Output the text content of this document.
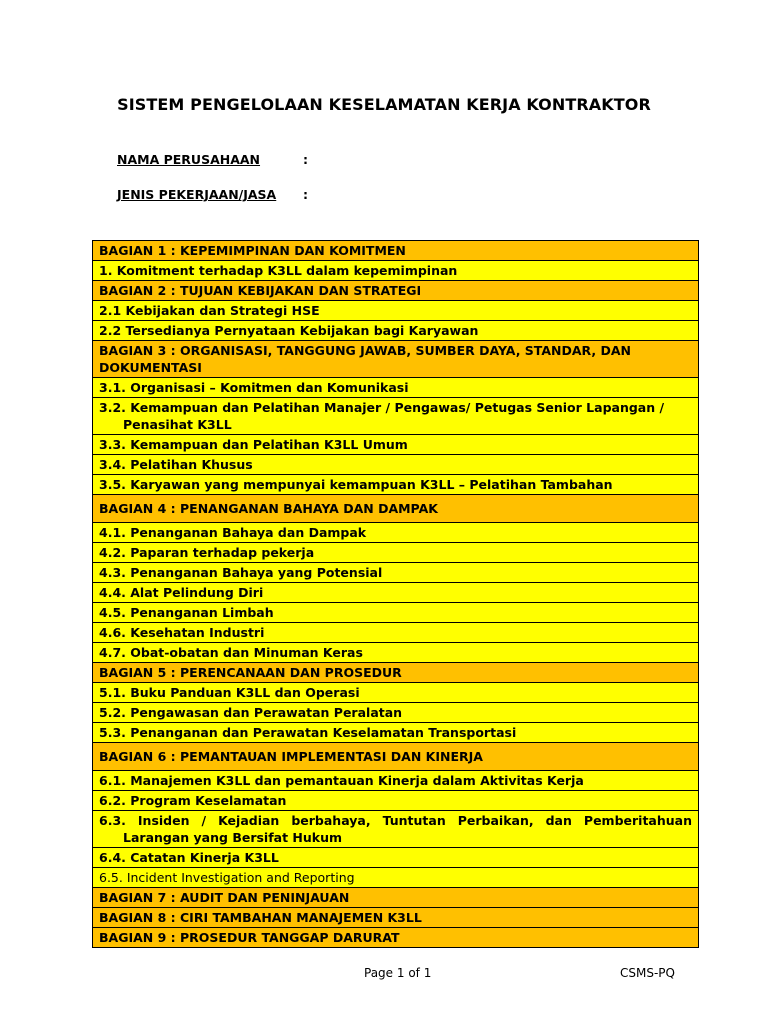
SISTEM PENGELOLAAN KESELAMATAN KERJA KONTRAKTOR
NAMA PERUSAHAAN	:
JENIS PEKERJAAN/JASA :
BAGIAN 1 : KEPEMIMPINAN DAN KOMITMEN
1. Komitment terhadap K3LL dalam kepemimpinan
BAGIAN 2 : TUJUAN KEBIJAKAN DAN STRATEGI
2.1 Kebijakan dan Strategi HSE
2.2 Tersedianya Pernyataan Kebijakan bagi Karyawan
BAGIAN 3 : ORGANISASI, TANGGUNG JAWAB, SUMBER DAYA, STANDAR, DAN DOKUMENTASI
3.1. Organisasi – Komitmen dan Komunikasi
3.2. Kemampuan dan Pelatihan Manajer / Pengawas/ Petugas Senior Lapangan / Penasihat K3LL
3.3. Kemampuan dan Pelatihan K3LL Umum
3.4. Pelatihan Khusus
3.5. Karyawan yang mempunyai kemampuan K3LL – Pelatihan Tambahan
BAGIAN 4 : PENANGANAN BAHAYA DAN DAMPAK
4.1. Penanganan Bahaya dan Dampak
4.2. Paparan terhadap pekerja
4.3. Penanganan Bahaya yang Potensial
4.4. Alat Pelindung Diri
4.5. Penanganan Limbah
4.6. Kesehatan Industri
4.7. Obat-obatan dan Minuman Keras
BAGIAN 5 : PERENCANAAN DAN PROSEDUR
5.1. Buku Panduan K3LL dan Operasi
5.2. Pengawasan dan Perawatan Peralatan
5.3. Penanganan dan Perawatan Keselamatan Transportasi
BAGIAN 6 : PEMANTAUAN IMPLEMENTASI DAN KINERJA
6.1. Manajemen K3LL dan pemantauan Kinerja dalam Aktivitas Kerja
6.2. Program Keselamatan
6.3. Insiden / Kejadian berbahaya, Tuntutan Perbaikan, dan Pemberitahuan Larangan yang Bersifat Hukum
6.4. Catatan Kinerja K3LL
6.5. Incident Investigation and Reporting
BAGIAN 7 : AUDIT DAN PENINJAUAN
BAGIAN 8 : CIRI TAMBAHAN MANAJEMEN K3LL
BAGIAN 9 : PROSEDUR TANGGAP DARURAT
Page 1 of 1	CSMS-PQ
